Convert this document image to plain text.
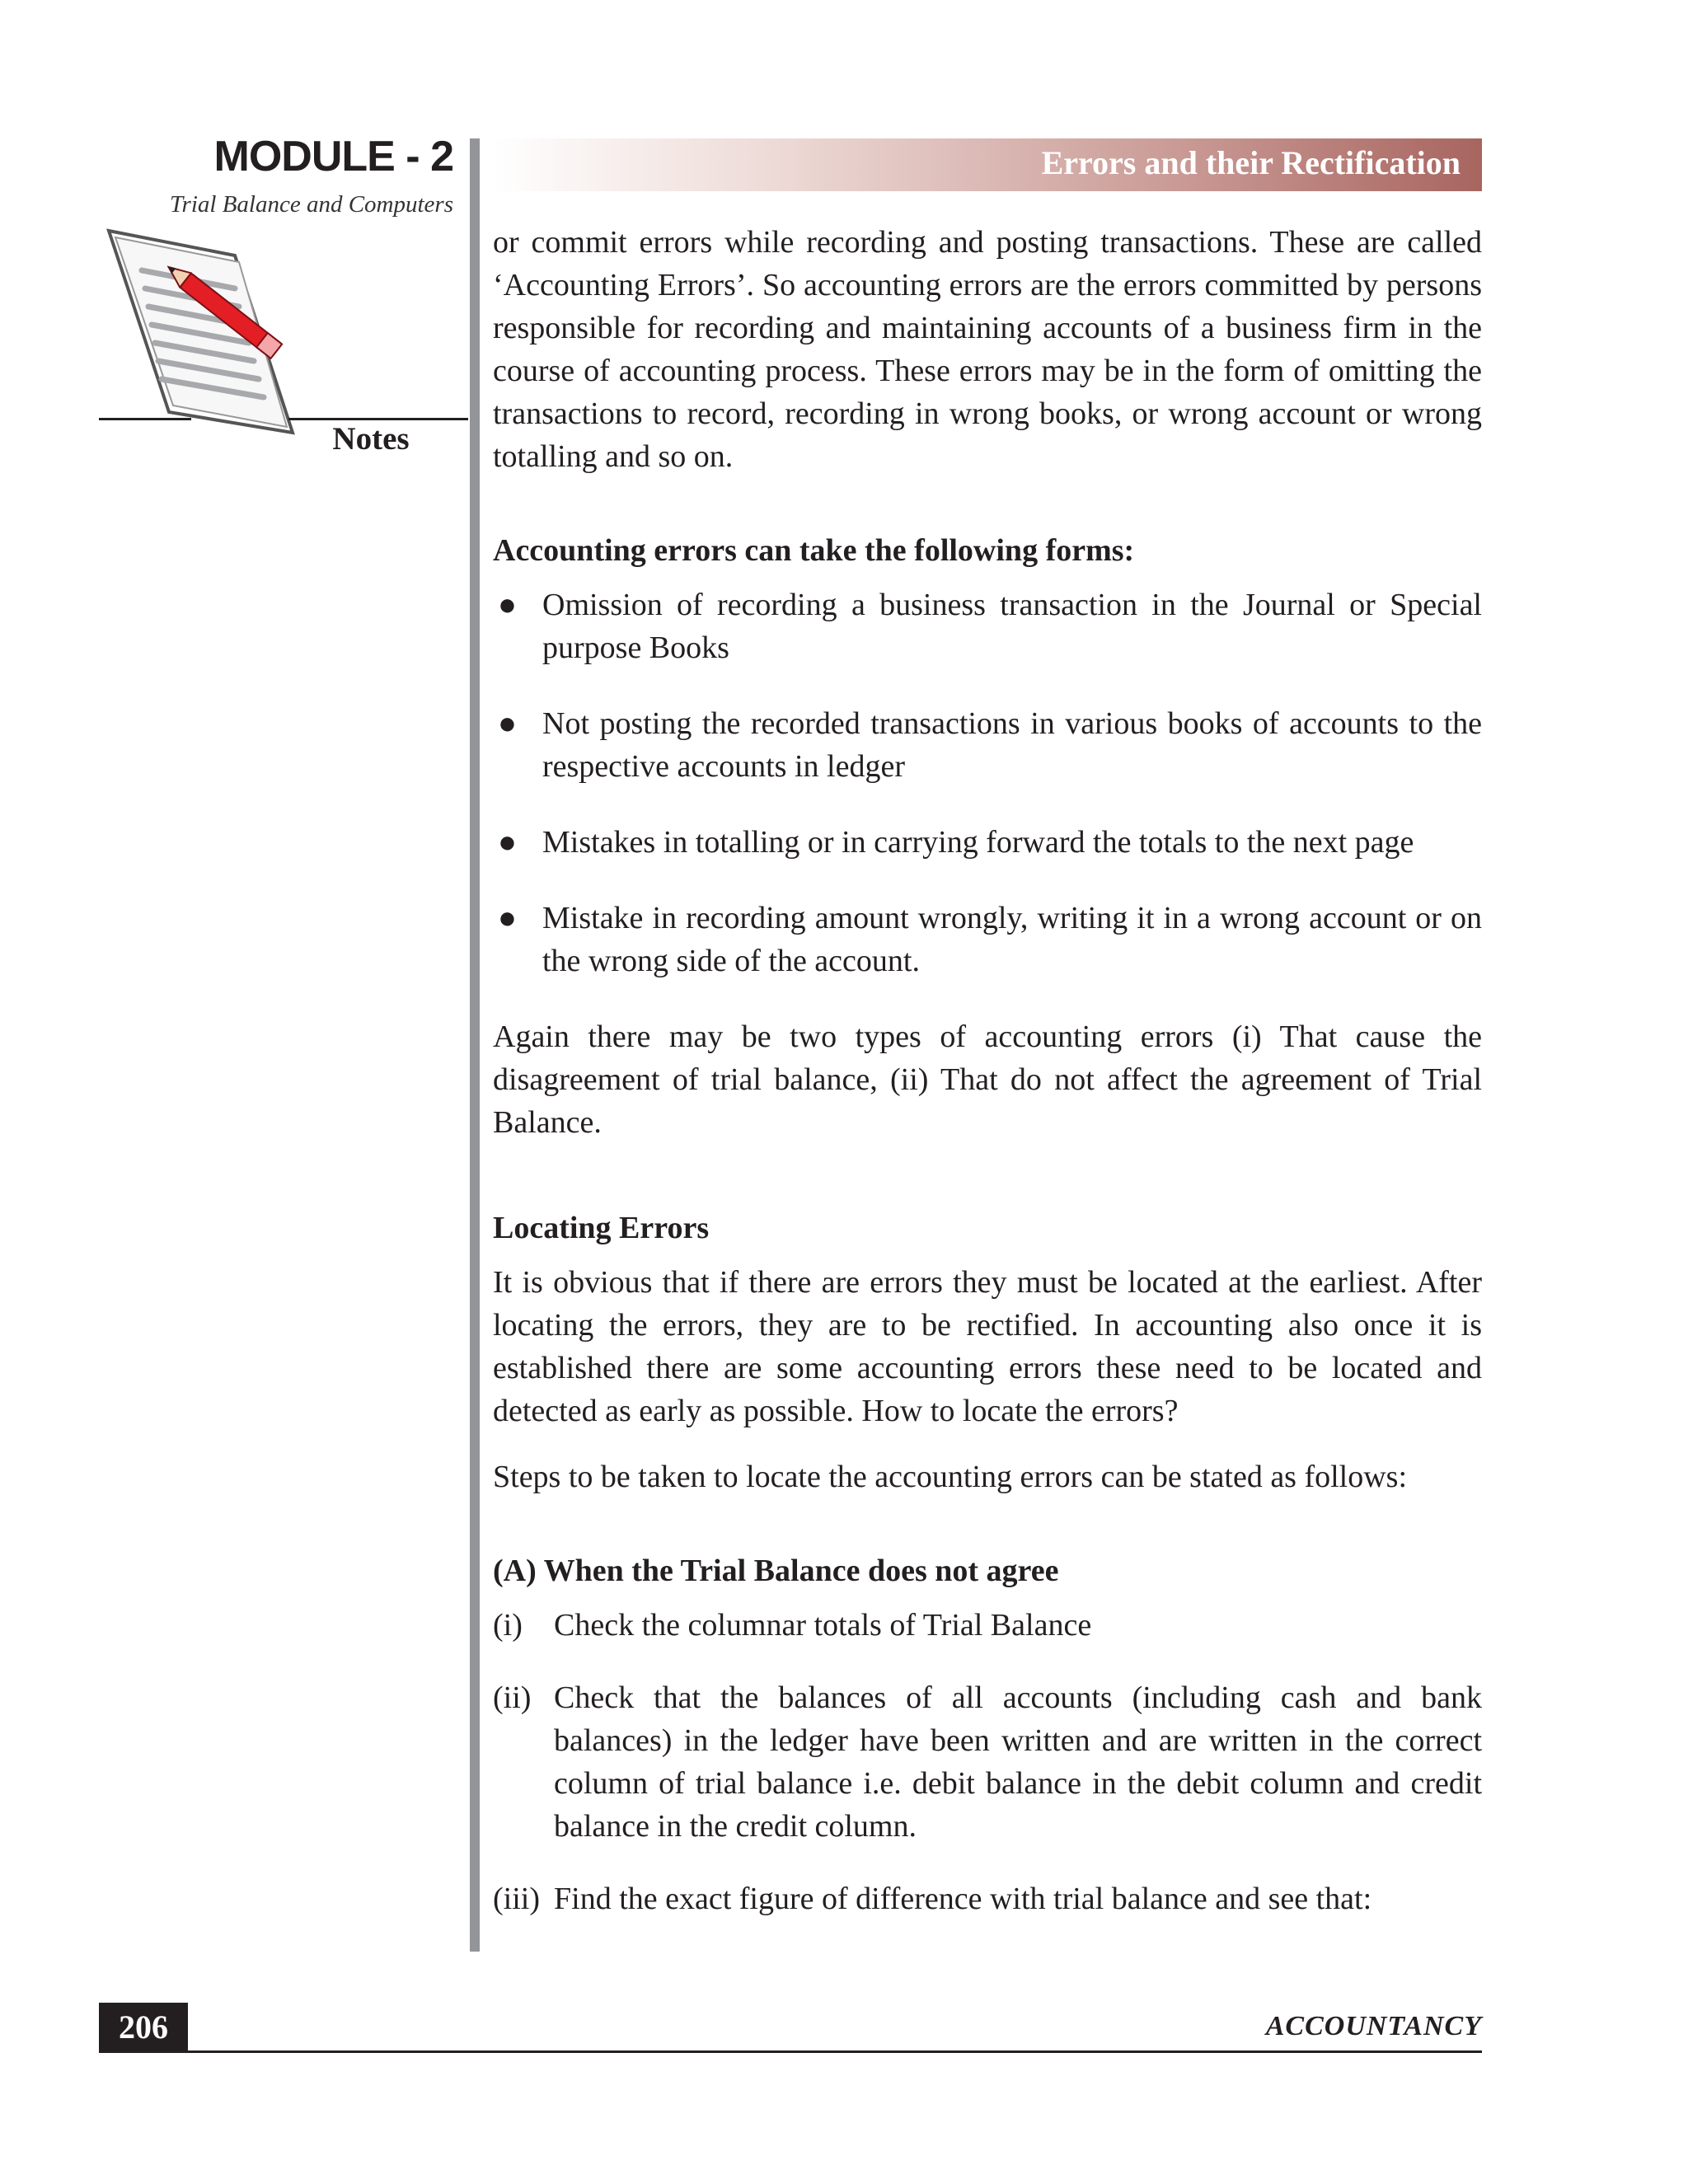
MODULE - 2
Trial Balance and Computers
Notes
Errors and their Rectification

or commit errors while recording and posting transactions. These are called ‘Accounting Errors’. So accounting errors are the errors committed by persons responsible for recording and maintaining accounts of a business firm in the course of accounting process. These errors may be in the form of omitting the transactions to record, recording in wrong books, or wrong account or wrong totalling and so on.

Accounting errors can take the following forms:

● Omission of recording a business transaction in the Journal or Special purpose Books
● Not posting the recorded transactions in various books of accounts to the respective accounts in ledger
● Mistakes in totalling or in carrying forward the totals to the next page
● Mistake in recording amount wrongly, writing it in a wrong account or on the wrong side of the account.

Again there may be two types of accounting errors (i) That cause the disagreement of trial balance, (ii) That do not affect the agreement of Trial Balance.

Locating Errors

It is obvious that if there are errors they must be located at the earliest. After locating the errors, they are to be rectified. In accounting also once it is established there are some accounting errors these need to be located and detected as early as possible. How to locate the errors?

Steps to be taken to locate the accounting errors can be stated as follows:

(A) When the Trial Balance does not agree

(i) Check the columnar totals of Trial Balance
(ii) Check that the balances of all accounts (including cash and bank balances) in the ledger have been written and are written in the correct column of trial balance i.e. debit balance in the debit column and credit balance in the credit column.
(iii) Find the exact figure of difference with trial balance and see that:
206	ACCOUNTANCY
